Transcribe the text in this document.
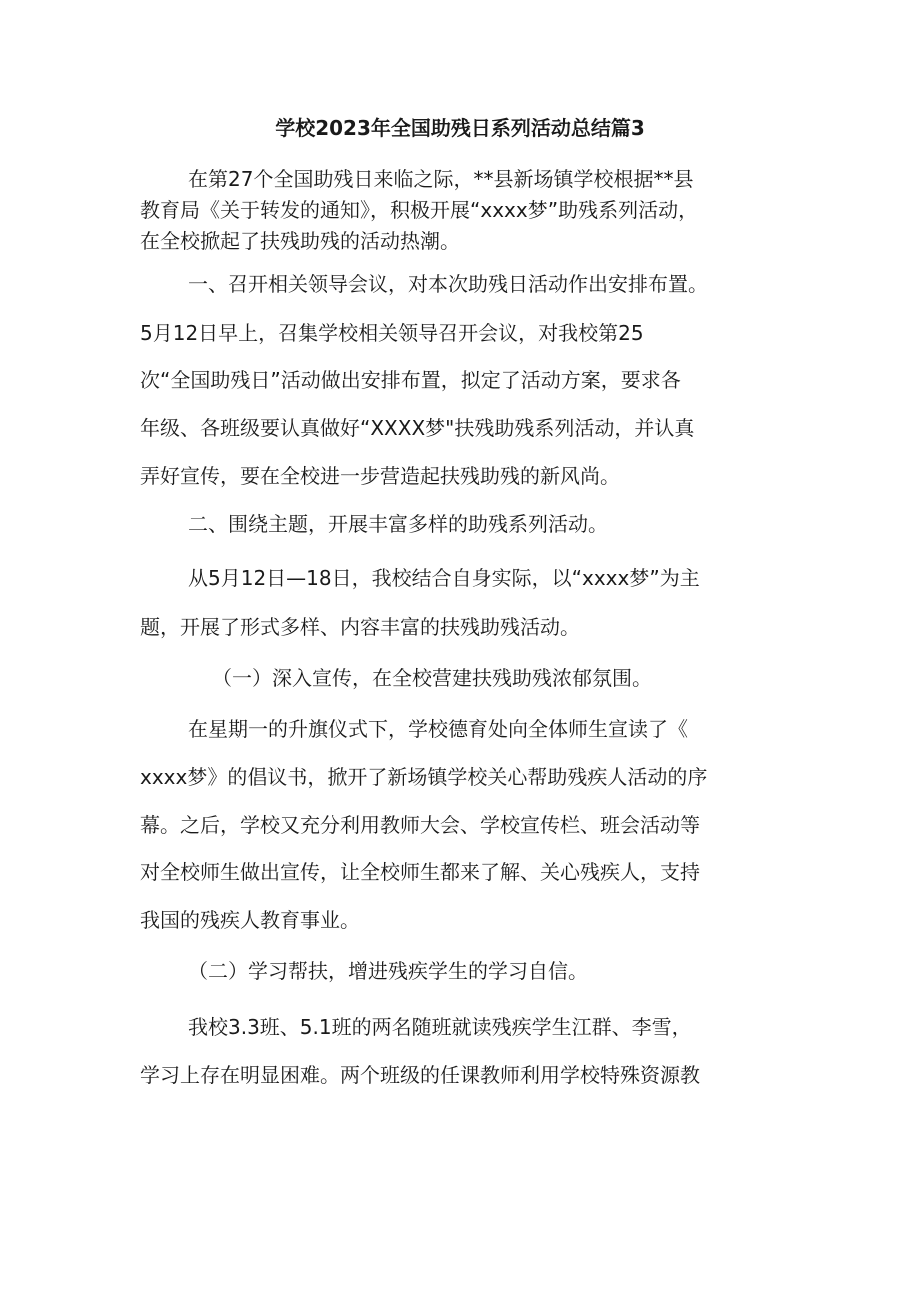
学校2023年全国助残日系列活动总结篇3
在第27个全国助残日来临之际，**县新场镇学校根据**县
教育局《关于转发的通知》，积极开展“xxxx梦”助残系列活动，
在全校掀起了扶残助残的活动热潮。
一、召开相关领导会议，对本次助残日活动作出安排布置。
5月12日早上，召集学校相关领导召开会议，对我校第25
次“全国助残日”活动做出安排布置，拟定了活动方案，要求各
年级、各班级要认真做好“XXXX梦"扶残助残系列活动，并认真
弄好宣传，要在全校进一步营造起扶残助残的新风尚。
二、围绕主题，开展丰富多样的助残系列活动。
从5月12日—18日，我校结合自身实际，以“xxxx梦”为主
题，开展了形式多样、内容丰富的扶残助残活动。
（一）深入宣传，在全校营建扶残助残浓郁氛围。
在星期一的升旗仪式下，学校德育处向全体师生宣读了《
xxxx梦》的倡议书，掀开了新场镇学校关心帮助残疾人活动的序
幕。之后，学校又充分利用教师大会、学校宣传栏、班会活动等
对全校师生做出宣传，让全校师生都来了解、关心残疾人，支持
我国的残疾人教育事业。
（二）学习帮扶，增进残疾学生的学习自信。
我校3.3班、5.1班的两名随班就读残疾学生江群、李雪，
学习上存在明显困难。两个班级的任课教师利用学校特殊资源教
